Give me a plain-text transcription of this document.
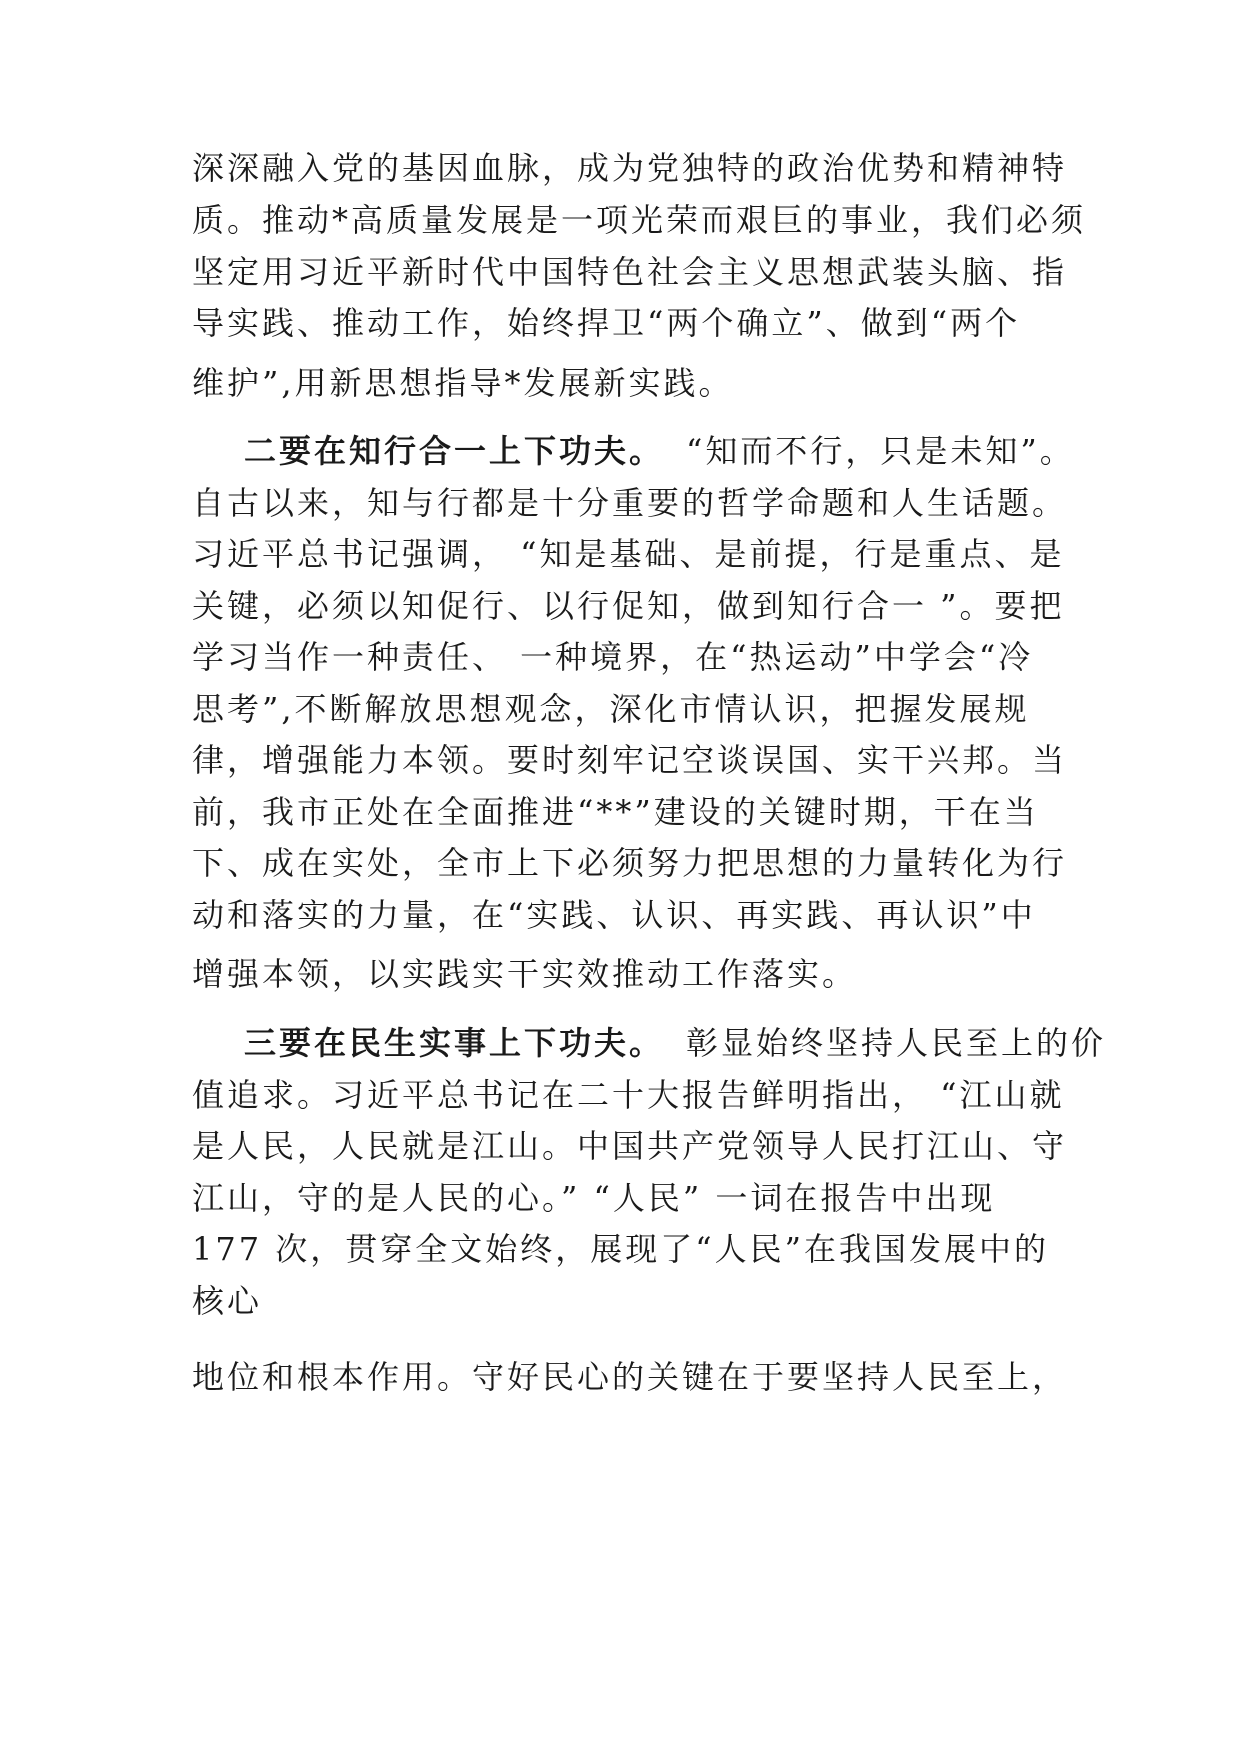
深深融入党的基因血脉，成为党独特的政治优势和精神特

质。推动*高质量发展是一项光荣而艰巨的事业，我们必须

坚定用习近平新时代中国特色社会主义思想武装头脑、指

导实践、推动工作，始终捍卫“两个确立”、做到“两个

维护”,用新思想指导*发展新实践。

二要在知行合一上下功夫。 “知而不行，只是未知”。

自古以来，知与行都是十分重要的哲学命题和人生话题。

习近平总书记强调， “知是基础、是前提，行是重点、是

关键，必须以知促行、以行促知，做到知行合一 ”。要把

学习当作一种责任、 一种境界，在“热运动”中学会“冷

思考”,不断解放思想观念，深化市情认识，把握发展规

律，增强能力本领。要时刻牢记空谈误国、实干兴邦。当

前，我市正处在全面推进“**”建设的关键时期，干在当

下、成在实处，全市上下必须努力把思想的力量转化为行

动和落实的力量，在“实践、认识、再实践、再认识”中

增强本领，以实践实干实效推动工作落实。

三要在民生实事上下功夫。 彰显始终坚持人民至上的价

值追求。习近平总书记在二十大报告鲜明指出， “江山就

是人民，人民就是江山。中国共产党领导人民打江山、守

江山，守的是人民的心。” “人民” 一词在报告中出现

177 次，贯穿全文始终，展现了“人民”在我国发展中的

核心

地位和根本作用。守好民心的关键在于要坚持人民至上，
